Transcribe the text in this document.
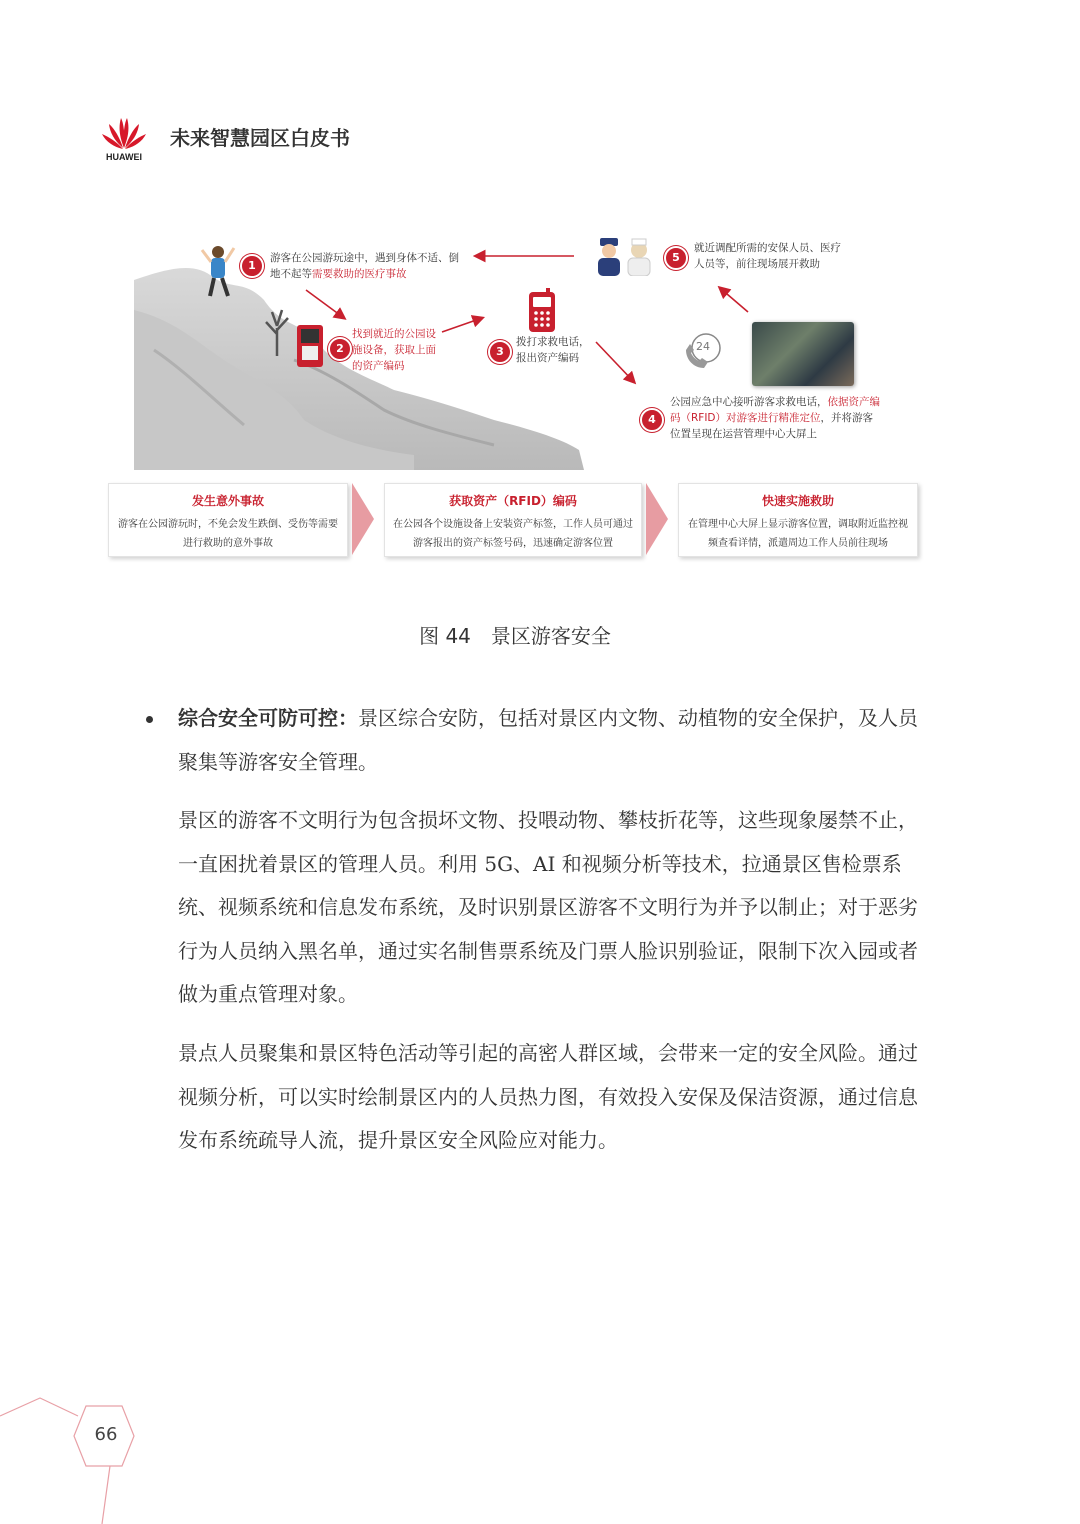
HUAWEI
未来智慧园区白皮书
24
1
游客在公园游玩途中，遇到身体不适、倒地不起等需要救助的医疗事故
2
找到就近的公园设施设备，获取上面的资产编码
3
拨打求救电话，报出资产编码
4
公园应急中心接听游客求救电话，依据资产编码（RFID）对游客进行精准定位，并将游客位置呈现在运营管理中心大屏上
5
就近调配所需的安保人员、医疗人员等，前往现场展开救助
发生意外事故
游客在公园游玩时，不免会发生跌倒、受伤等需要进行救助的意外事故
获取资产（RFID）编码
在公园各个设施设备上安装资产标签，工作人员可通过游客报出的资产标签号码，迅速确定游客位置
快速实施救助
在管理中心大屏上显示游客位置，调取附近监控视频查看详情，派遣周边工作人员前往现场
图 44　景区游客安全
综合安全可防可控：景区综合安防，包括对景区内文物、动植物的安全保护，及人员聚集等游客安全管理。
景区的游客不文明行为包含损坏文物、投喂动物、攀枝折花等，这些现象屡禁不止，一直困扰着景区的管理人员。利用 5G、AI 和视频分析等技术，拉通景区售检票系统、视频系统和信息发布系统，及时识别景区游客不文明行为并予以制止；对于恶劣行为人员纳入黑名单，通过实名制售票系统及门票人脸识别验证，限制下次入园或者做为重点管理对象。
景点人员聚集和景区特色活动等引起的高密人群区域，会带来一定的安全风险。通过视频分析，可以实时绘制景区内的人员热力图，有效投入安保及保洁资源，通过信息发布系统疏导人流，提升景区安全风险应对能力。
66
